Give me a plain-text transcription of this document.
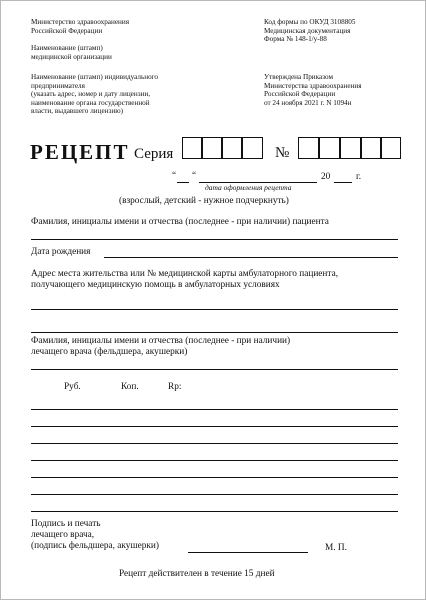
Министерство здравоохранения
Российской Федерации
Наименование (штамп)
медицинской организации
Наименование (штамп) индивидуального
предпринимателя
(указать адрес, номер и дату лицензии,
наименование органа государственной
власти, выдавшего лицензию)
Код формы по ОКУД 3108805
Медицинская документация
Форма № 148-1/у-88
Утверждена Приказом
Министерства здравоохранения
Российской Федерации
от 24 ноября 2021 г. N 1094н
РЕЦЕПТ Серия	№
“ “	20	г.
дата оформления рецепта
(взрослый, детский - нужное подчеркнуть)
Фамилия, инициалы имени и отчества (последнее - при наличии) пациента
Дата рождения
Адрес места жительства или № медицинской карты амбулаторного пациента,
получающего медицинскую помощь в амбулаторных условиях
Фамилия, инициалы имени и отчества (последнее - при наличии)
лечащего врача (фельдшера, акушерки)
Руб.	Коп.	Rp:
Подпись и печать
лечащего врача,
(подпись фельдшера, акушерки)	М. П.
Рецепт действителен в течение 15 дней
